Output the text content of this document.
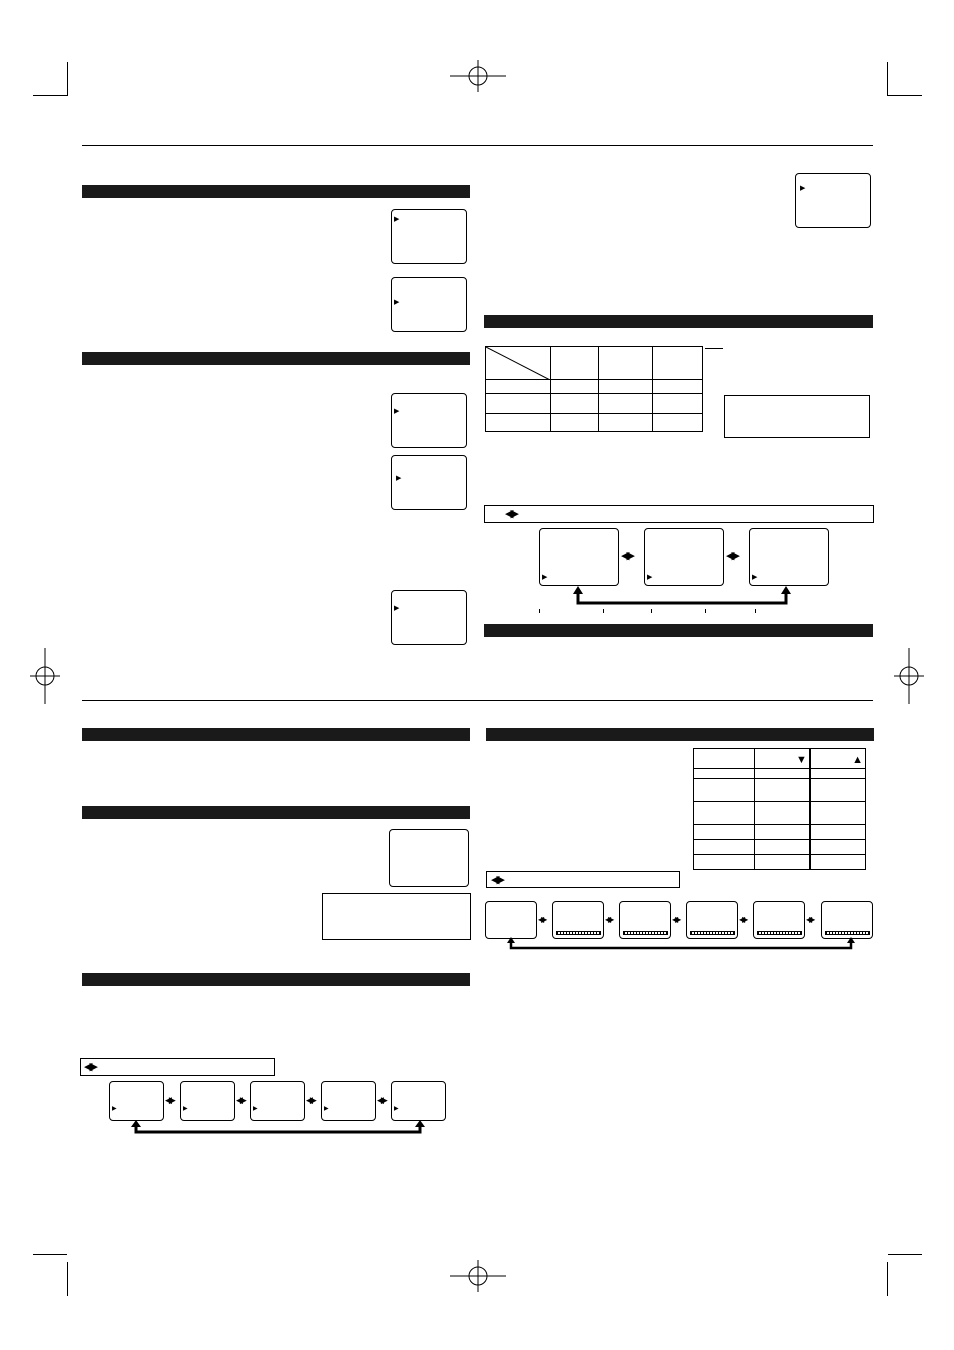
▶
▶
▶
▶
▶
▶

◀▶
▶
◀▶
▶
◀▶
▶
◀▶
▶
◀▶
▶
◀▶
▶
◀▶
▶
◀▶
▶
	▼	▲

◀▶
◀▶	◀▶	◀▶	◀▶	◀▶
